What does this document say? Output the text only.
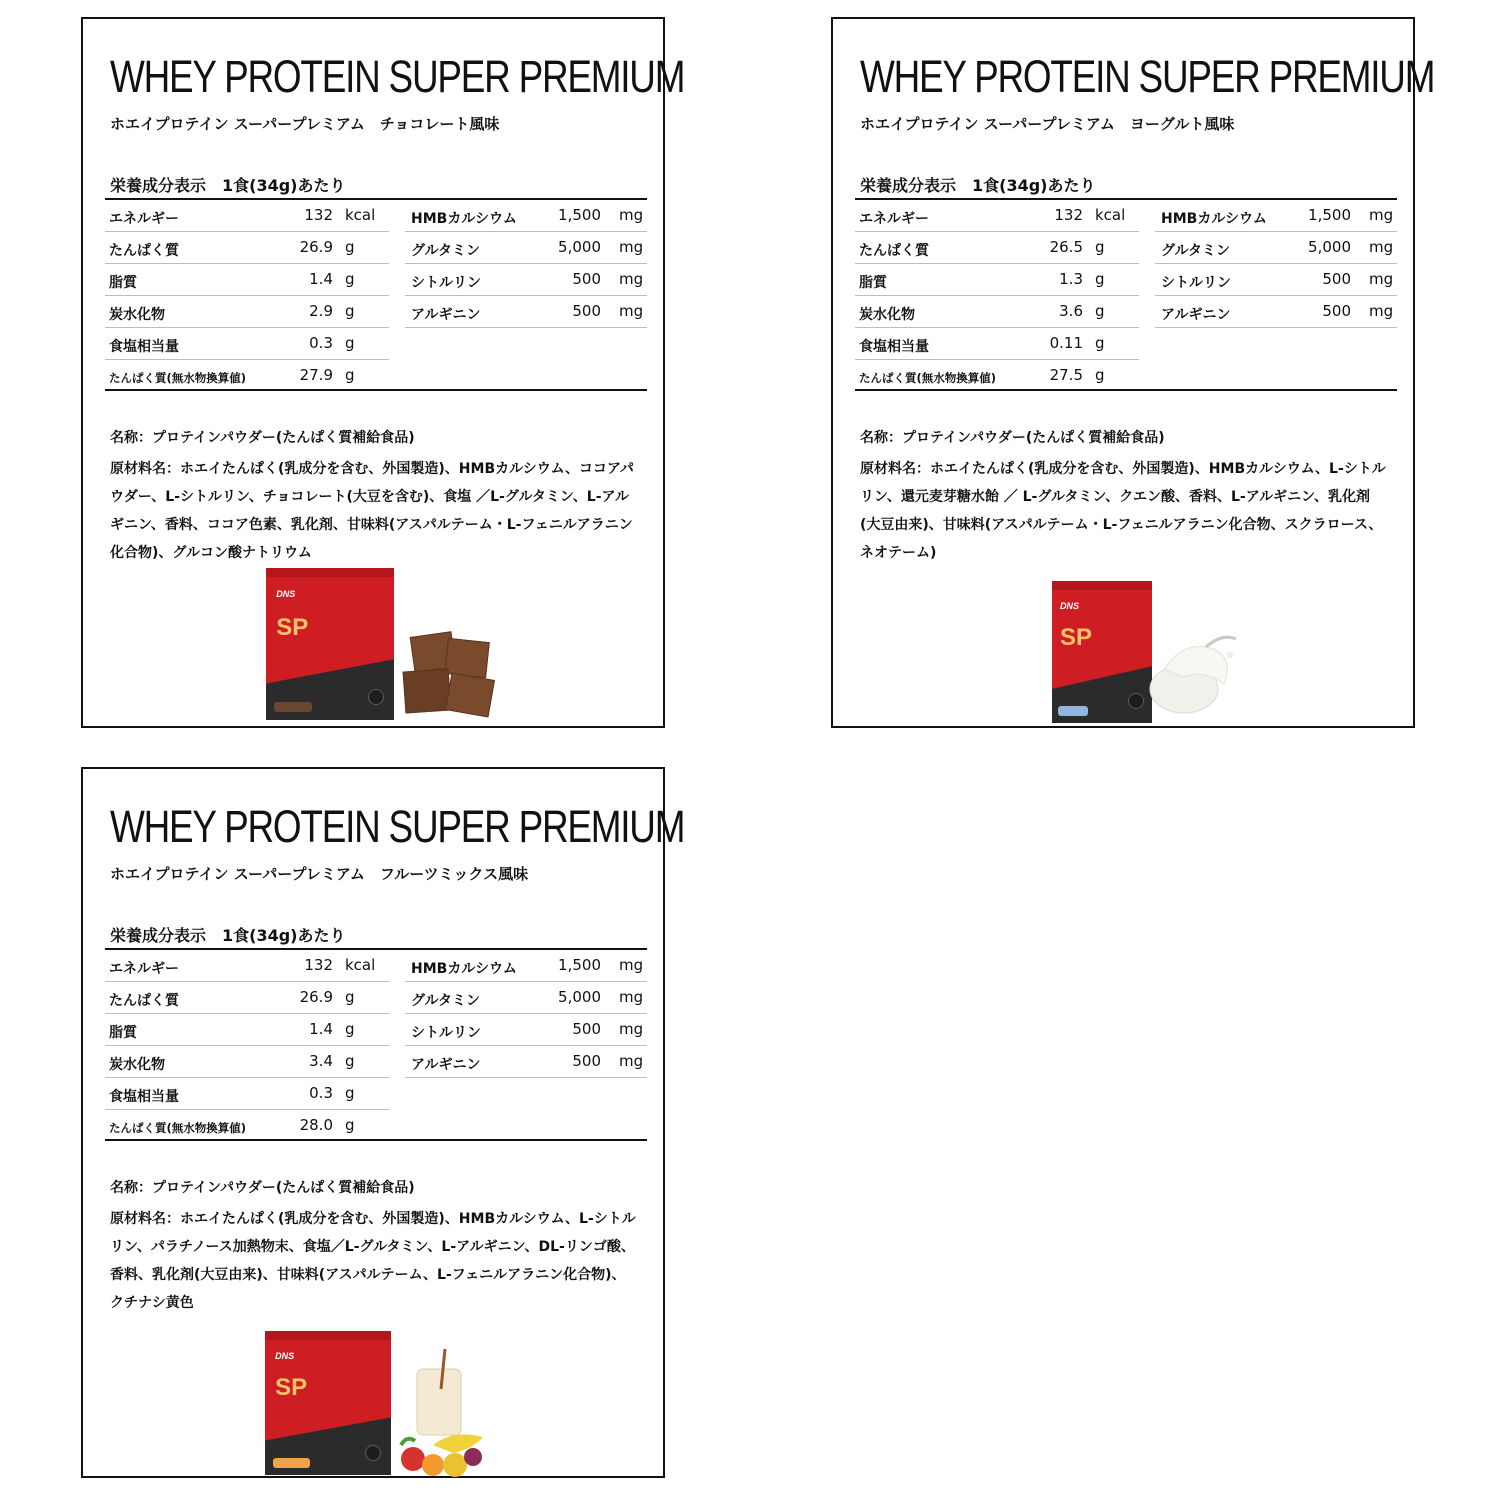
WHEY PROTEIN SUPER PREMIUM
ホエイプロテイン スーパープレミアム　チョコレート風味
栄養成分表示　1食(34g)あたり
エネルギー	132 kcal
たんぱく質	26.9 g
脂質	1.4 g
炭水化物	2.9 g
食塩相当量	0.3 g
たんぱく質(無水物換算値)	27.9 g
HMBカルシウム	1,500 mg
グルタミン	5,000 mg
シトルリン	500 mg
アルギニン	500 mg
名称：プロテインパウダー(たんぱく質補給食品)
原材料名：ホエイたんぱく(乳成分を含む、外国製造)、HMBカルシウム、ココアパウダー、L-シトルリン、チョコレート(大豆を含む)、食塩 ／L-グルタミン、L-アルギニン、香料、ココア色素、乳化剤、甘味料(アスパルテーム・L-フェニルアラニン化合物)、グルコン酸ナトリウム
DNS
SP
WHEY PROTEIN SUPER PREMIUM
ホエイプロテイン スーパープレミアム　ヨーグルト風味
栄養成分表示　1食(34g)あたり
エネルギー	132 kcal
たんぱく質	26.5 g
脂質	1.3 g
炭水化物	3.6 g
食塩相当量	0.11 g
たんぱく質(無水物換算値)	27.5 g
HMBカルシウム	1,500 mg
グルタミン	5,000 mg
シトルリン	500 mg
アルギニン	500 mg
名称：プロテインパウダー(たんぱく質補給食品)
原材料名：ホエイたんぱく(乳成分を含む、外国製造)、HMBカルシウム、L-シトルリン、還元麦芽糖水飴 ／ L-グルタミン、クエン酸、香料、L-アルギニン、乳化剤(大豆由来)、甘味料(アスパルテーム・L-フェニルアラニン化合物、スクラロース、ネオテーム)
DNS
SP
WHEY PROTEIN SUPER PREMIUM
ホエイプロテイン スーパープレミアム　フルーツミックス風味
栄養成分表示　1食(34g)あたり
エネルギー	132 kcal
たんぱく質	26.9 g
脂質	1.4 g
炭水化物	3.4 g
食塩相当量	0.3 g
たんぱく質(無水物換算値)	28.0 g
HMBカルシウム	1,500 mg
グルタミン	5,000 mg
シトルリン	500 mg
アルギニン	500 mg
名称：プロテインパウダー(たんぱく質補給食品)
原材料名：ホエイたんぱく(乳成分を含む、外国製造)、HMBカルシウム、L-シトルリン、パラチノース加熱物末、食塩／L-グルタミン、L-アルギニン、DL-リンゴ酸、香料、乳化剤(大豆由来)、甘味料(アスパルテーム、L-フェニルアラニン化合物)、クチナシ黄色
DNS
SP
